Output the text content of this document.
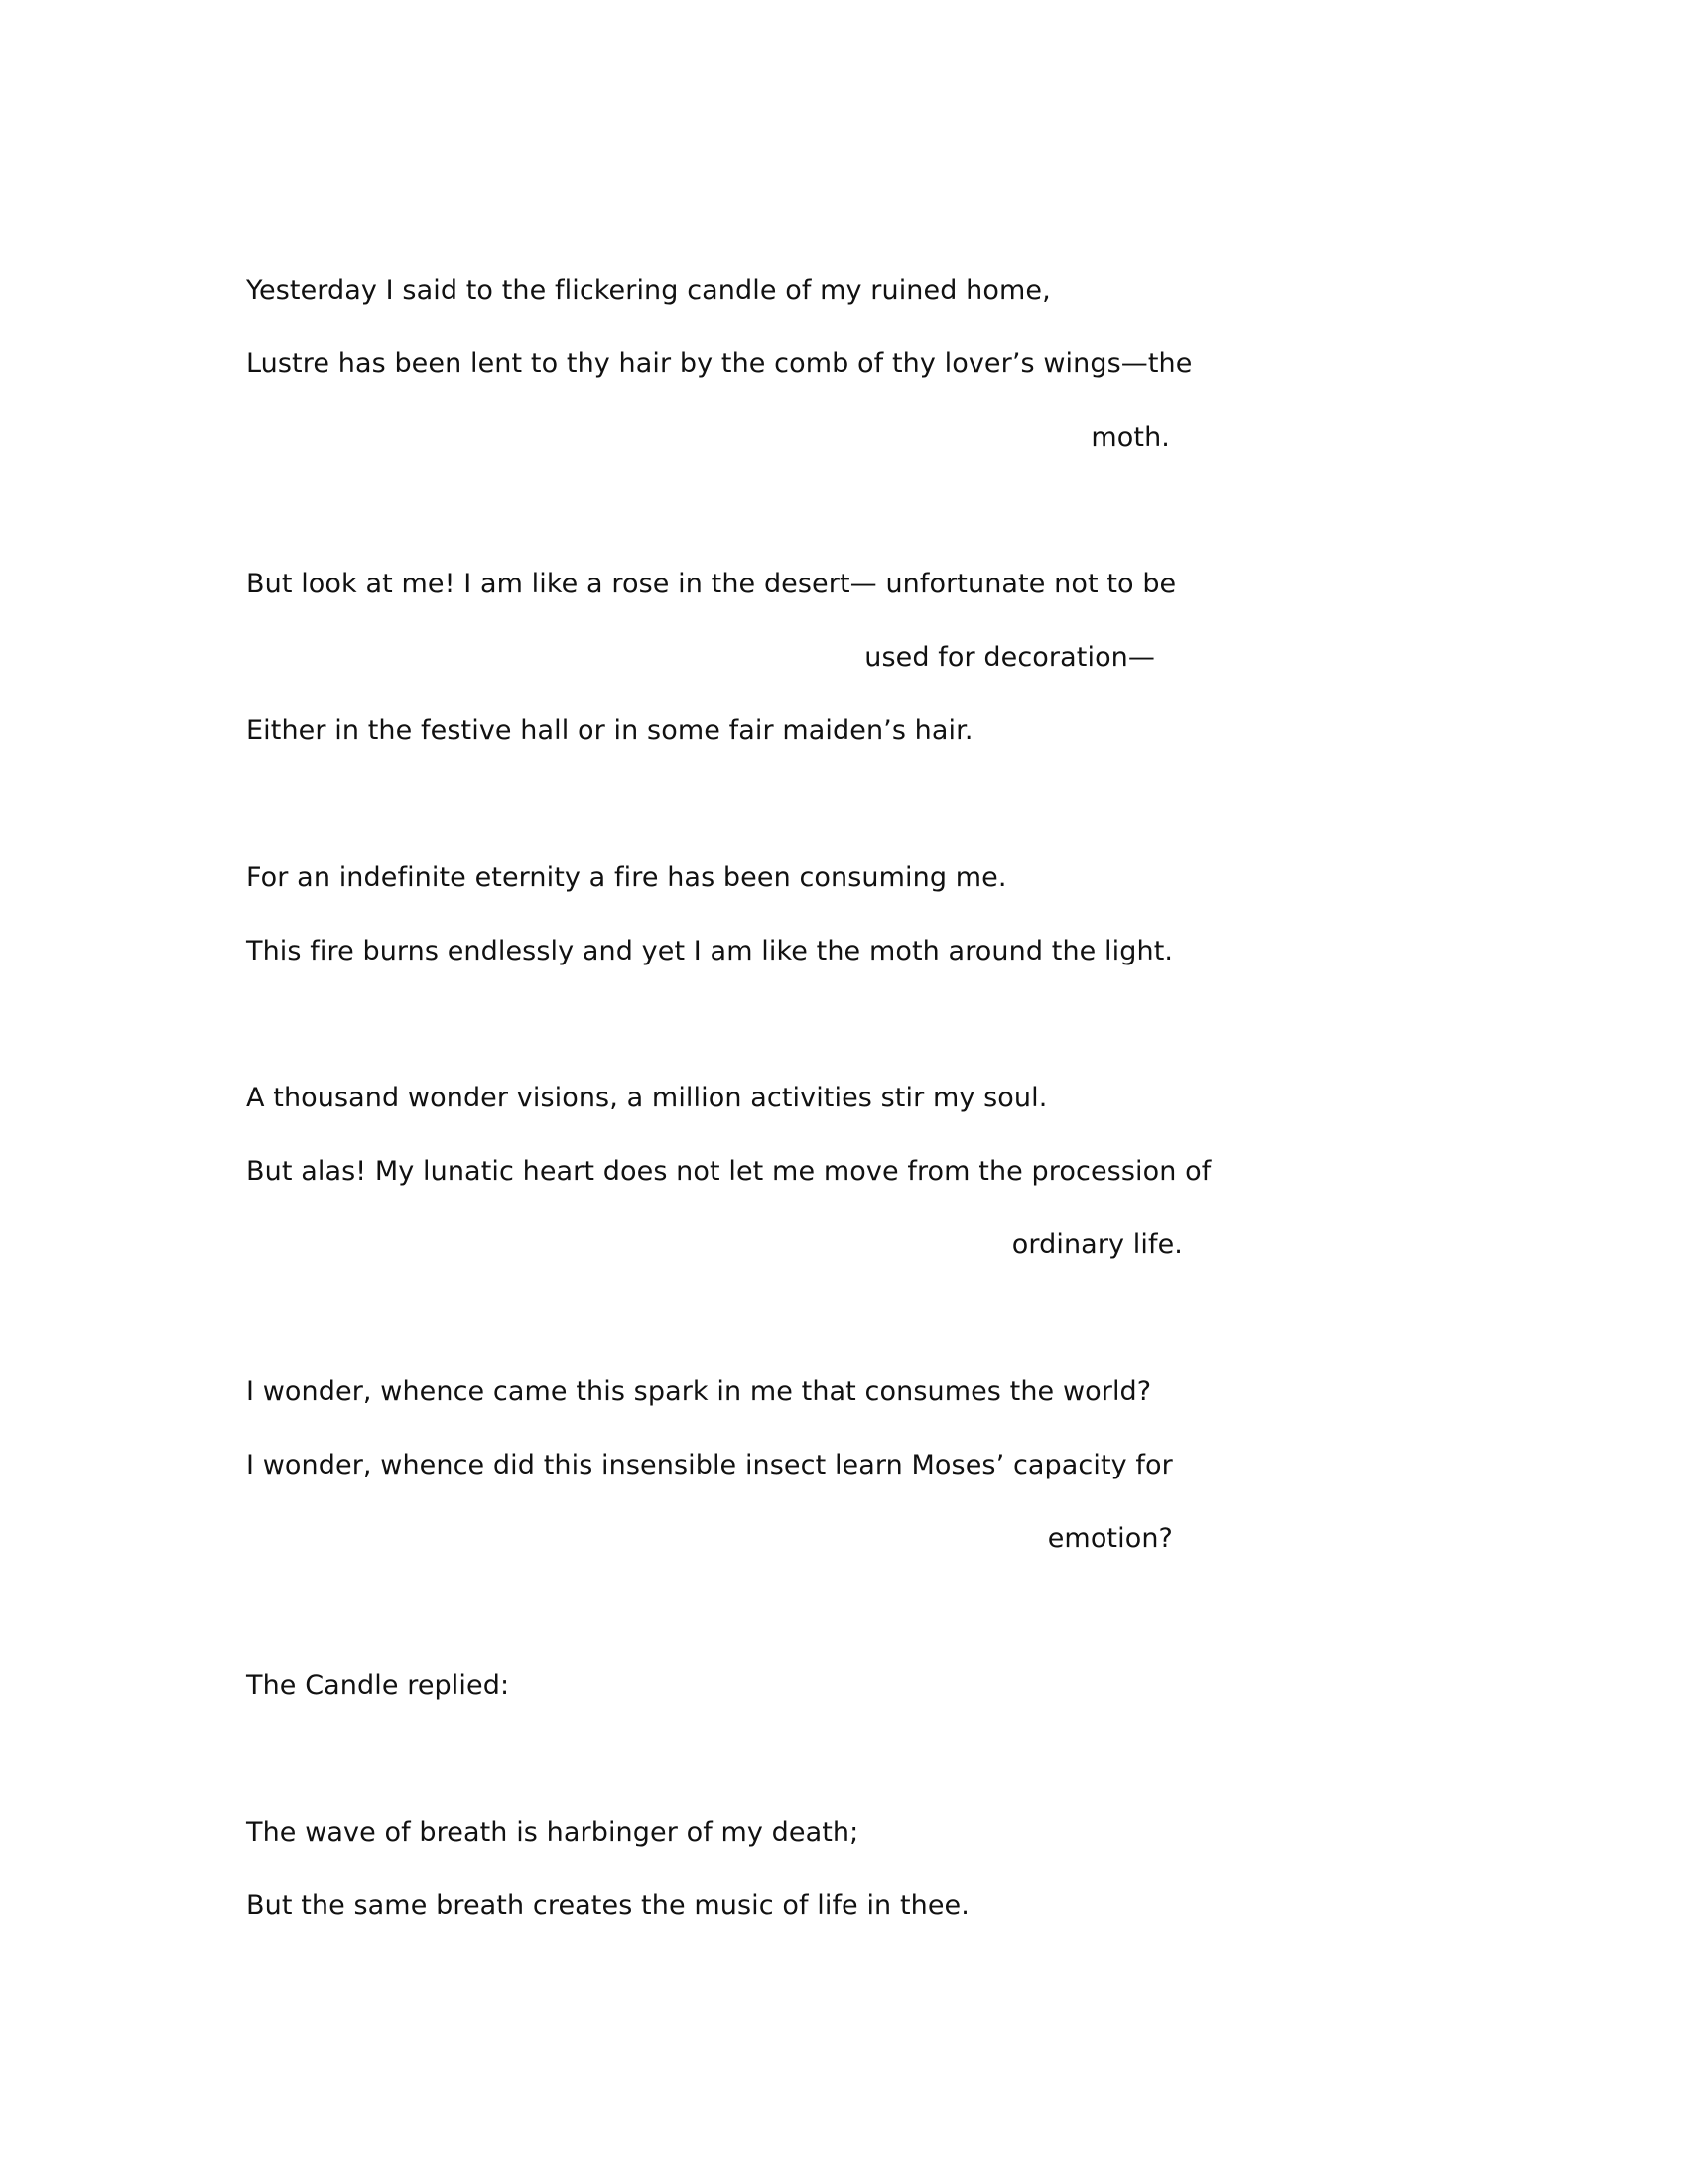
Yesterday I said to the flickering candle of my ruined home,
Lustre has been lent to thy hair by the comb of thy lover’s wings—the
moth.
But look at me! I am like a rose in the desert— unfortunate not to be
used for decoration—
Either in the festive hall or in some fair maiden’s hair.
For an indefinite eternity a fire has been consuming me.
This fire burns endlessly and yet I am like the moth around the light.
A thousand wonder visions, a million activities stir my soul.
But alas! My lunatic heart does not let me move from the procession of
ordinary life.
I wonder, whence came this spark in me that consumes the world?
I wonder, whence did this insensible insect learn Moses’ capacity for
emotion?
The Candle replied:
The wave of breath is harbinger of my death;
But the same breath creates the music of life in thee.
